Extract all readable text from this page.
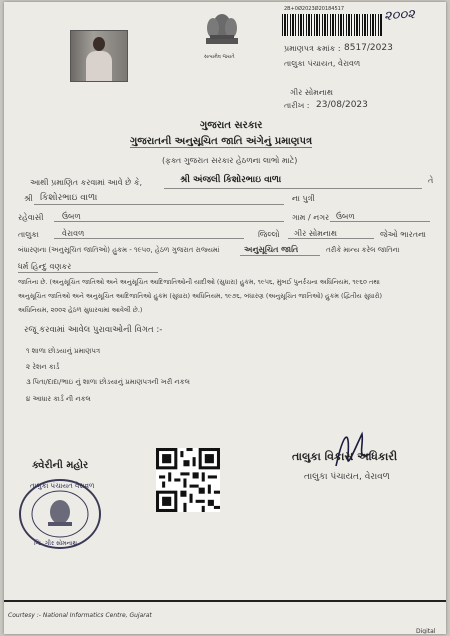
સત્યમેવ જયતે
2B+0Ø2023Ø20184517	૨૦૦૨
પ્રમાણપત્ર ક્રમાંક : 8517/2023
તાલુકા પંચાયત, વેરાવળ
ગીર સોમનાથ
તારીખ : 23/08/2023
ગુજરાત સરકાર
ગુજરાતની અનુસૂચિત જાતિ અંગેનું પ્રમાણપત્ર
(ફક્ત ગુજરાત સરકાર હેઠળના લાભો માટે)
આથી પ્રમાણિત કરવામાં આવે છે કે,	શ્રી અંજલી કિશોરભાઇ વાળા	તે
શ્રી કિશોરભાઇ વાળા	ના પુત્રી
રહેવાસી ઉંબળ	ગામ / નગર ઉંબળ
તાલુકા	વેરાવળ	જિલ્લો ગીર સોમનાથ	જેઓ ભારતના
બંધારણના (અનુસૂચિત જાતિઓ) હુકમ - ૧૯૫૦, હેઠળ ગુજરાત રાજ્યમાં	અનુસૂચિત જાતિ	તરીકે માન્ય કરેલ જાતિના
ધર્મ હિન્દુ વણકર
જાતિના છે. (અનુસૂચિત જાતિઓ અને અનુસૂચિત આદિજાતિઓની યાદીઓ (સુધારા) હુકમ, ૧૯૫૬, મુંબઈ પુનર્રચના અધિનિયમ, ૧૯૬૦ તથા
અનુસૂચિત જાતિઓ અને અનુસૂચિત આદિજાતિઓ હુકમ (સુધારા) અધિનિયમ, ૧૯૭૬, બંધારણ (અનુસૂચિત જાતિઓ) હુકમ (દ્વિતીય સુધારો)
અધિનિયમ, ૨૦૦૨ હેઠળ સુધારવામાં આવેલી છે.)
રજૂ કરવામાં આવેલ પુરાવાઓની વિગત :-
૧ શાળા છોડયાનું પ્રમાણપત્ર
૨ રેશન કાર્ડ
૩ પિતા/દાદા/ભાઇ નું શાળા છોડયાનું પ્રમાણપત્રની ખરી નકલ
૪ આધાર કાર્ડ ની નકલ
તાલુકા વિકાસ અધિકારી
તાલુકા પંચાયત, વેરાવળ
ક્વેરીની મહોર
તાલુકા પંચાયત વેરાવળ
જિ. ગીર સોમનાથ
Courtesy :- National Informatics Centre, Gujarat
Digital
